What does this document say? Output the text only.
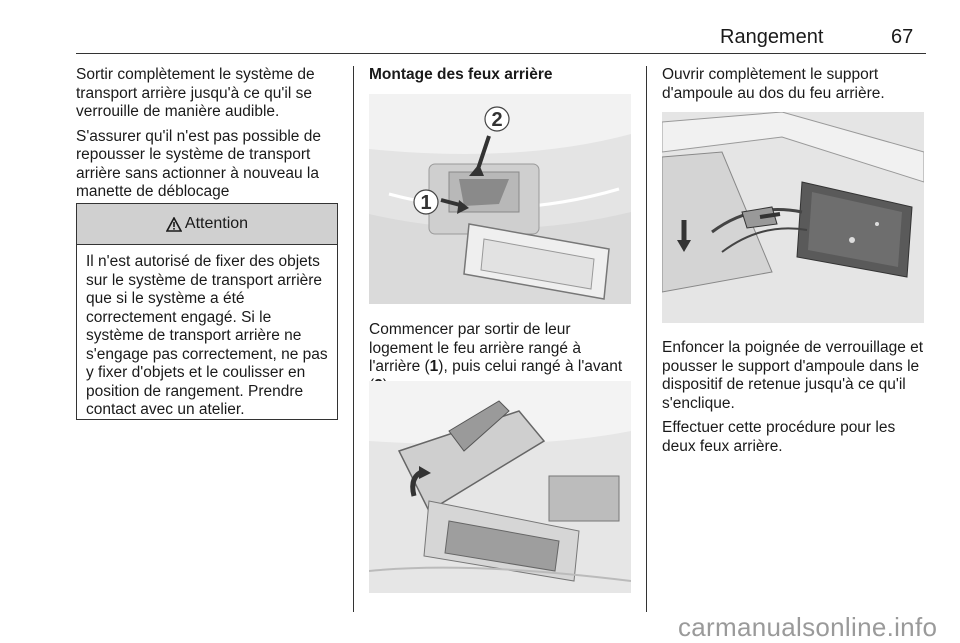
Rangement	67

Sortir complètement le système de transport arrière jusqu'à ce qu'il se verrouille de manière audible.

S'assurer qu'il n'est pas possible de repousser le système de transport arrière sans actionner à nouveau la manette de déblocage

Attention
Il n'est autorisé de fixer des objets sur le système de transport arrière que si le système a été correctement engagé. Si le système de transport arrière ne s'engage pas correctement, ne pas y fixer d'objets et le coulisser en position de rangement. Prendre contact avec un atelier.
Montage des feux arrière
2
1

Commencer par sortir de leur logement le feu arrière rangé à l'arrière (1), puis celui rangé à l'avant

Ouvrir complètement le support d'ampoule au dos du feu arrière.

Enfoncer la poignée de verrouillage et pousser le support d'ampoule dans le dispositif de retenue jusqu'à ce qu'il s'enclique.

Effectuer cette procédure pour les deux feux arrière.

carmanualsonline.info
